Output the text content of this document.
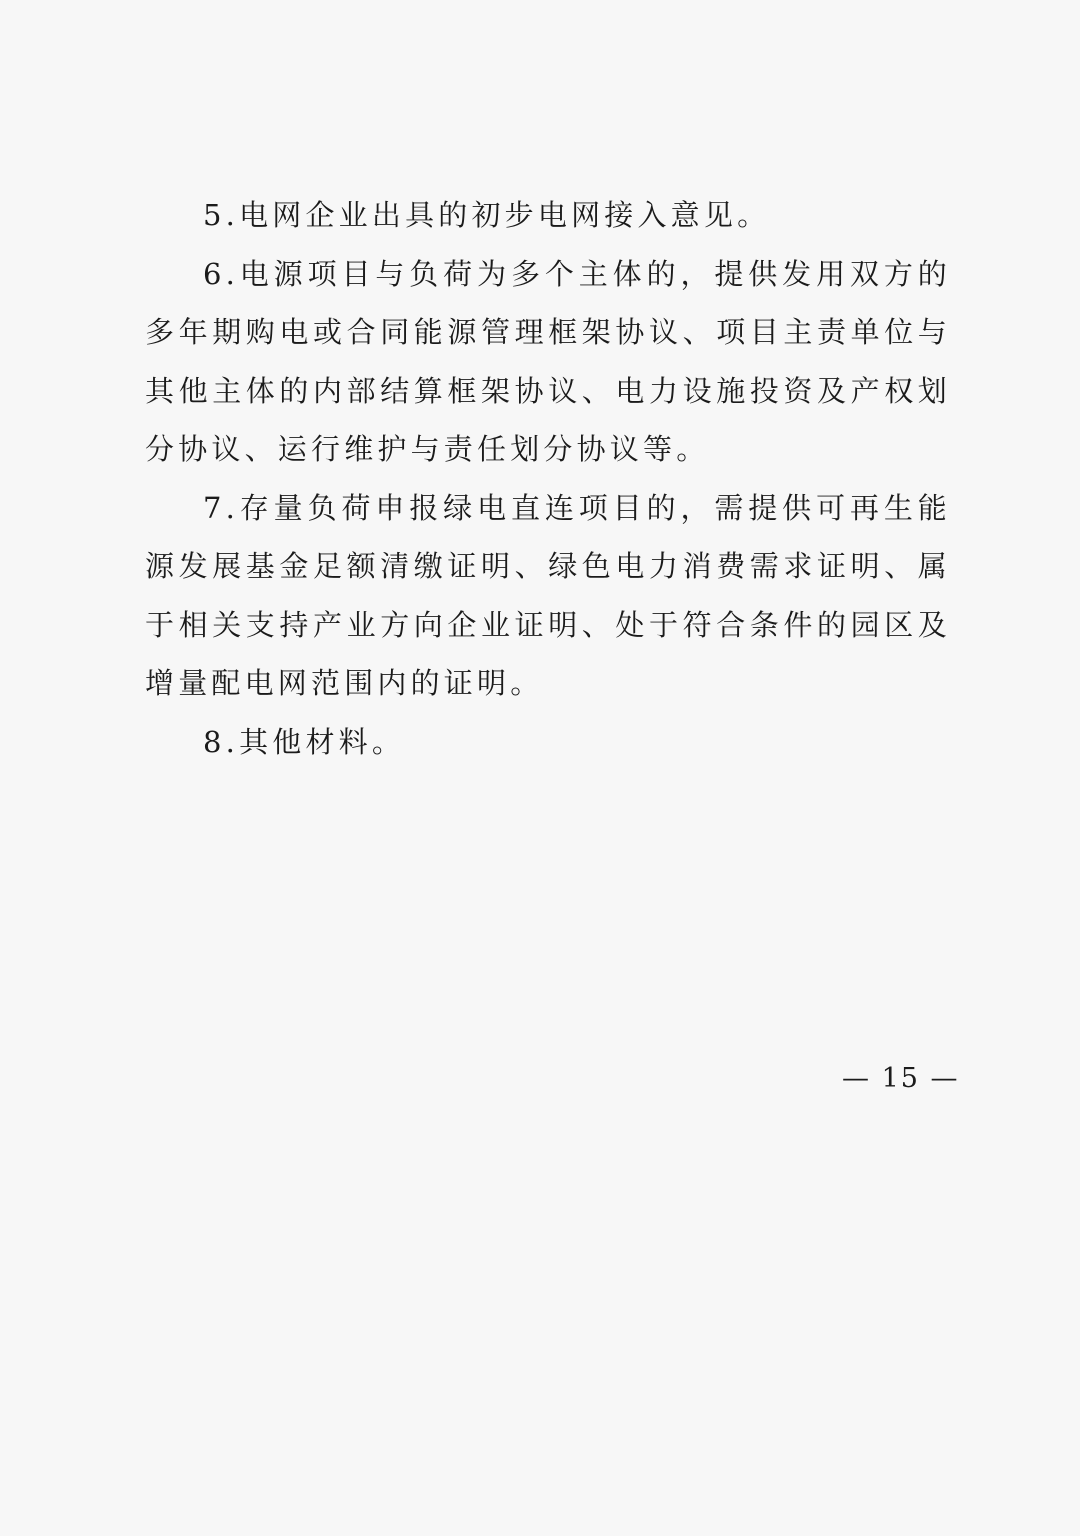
5.电网企业出具的初步电网接入意见。

6.电源项目与负荷为多个主体的，提供发用双方的多年期购电或合同能源管理框架协议、项目主责单位与其他主体的内部结算框架协议、电力设施投资及产权划分协议、运行维护与责任划分协议等。

7.存量负荷申报绿电直连项目的，需提供可再生能源发展基金足额清缴证明、绿色电力消费需求证明、属于相关支持产业方向企业证明、处于符合条件的园区及增量配电网范围内的证明。

8.其他材料。

— 15 —
